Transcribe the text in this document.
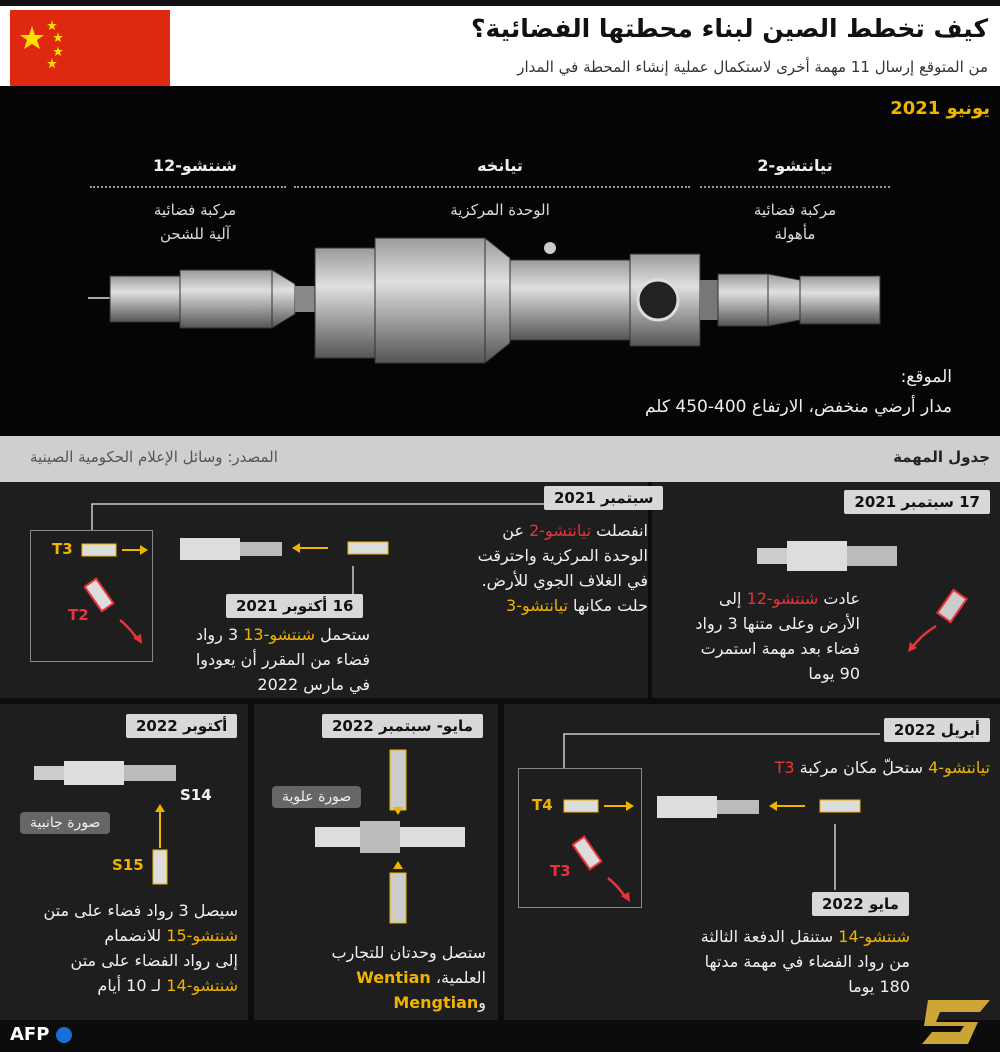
كيف تخطط الصين لبناء محطتها الفضائية؟
من المتوقع إرسال 11 مهمة أخرى لاستكمال عملية إنشاء المحطة في المدار
يونيو 2021
تيانتشو-2
مركبة فضائية
مأهولة
تيانخه
الوحدة المركزية
شنتشو-12
مركبة فضائية
آلية للشحن
الموقع:
مدار أرضي منخفض، الارتفاع 400-450 كلم
جدول المهمة
المصدر: وسائل الإعلام الحكومية الصينية
17 سبتمبر 2021
عادت شنتشو-12 إلى
الأرض وعلى متنها 3 رواد
فضاء بعد مهمة استمرت
90 يوما
سبتمبر 2021
T3
T2	16 أكتوبر 2021
انفصلت تيانتشو-2 عن
الوحدة المركزية واحترقت
في الغلاف الجوي للأرض.
حلت مكانها تيانتشو-3
ستحمل شنتشو-13 3 رواد
فضاء من المقرر أن يعودوا
في مارس 2022
أبريل 2022
تيانتشو-4 ستحلّ مكان مركبة T3
T4
T3
مايو 2022
شنتشو-14 ستنقل الدفعة الثالثة
من رواد الفضاء في مهمة مدتها
180 يوما
مايو- سبتمبر 2022
صورة علوية
ستصل وحدتان للتجارب
العلمية، Wentian
وMengtian
أكتوبر 2022
S14
صورة جانبية
S15
سيصل 3 رواد فضاء على متن
شنتشو-15 للانضمام
إلى رواد الفضاء على متن
شنتشو-14 لـ 10 أيام
AFP
